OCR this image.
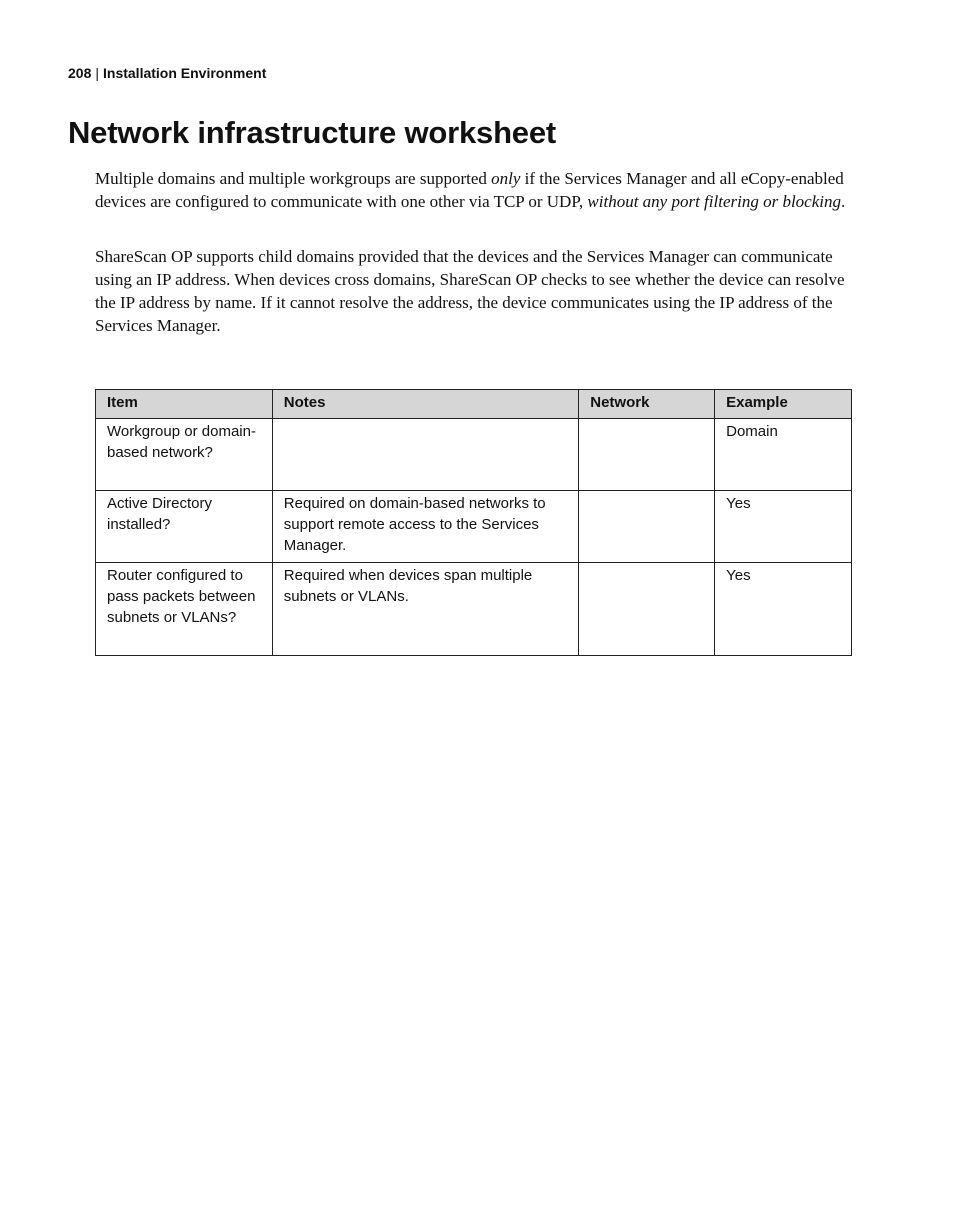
208 | Installation Environment
Network infrastructure worksheet

Multiple domains and multiple workgroups are supported only if the Services Manager and all eCopy-enabled devices are configured to communicate with one other via TCP or UDP, without any port filtering or blocking.

ShareScan OP supports child domains provided that the devices and the Services Manager can communicate using an IP address. When devices cross domains, ShareScan OP checks to see whether the device can resolve the IP address by name. If it cannot resolve the address, the device communicates using the IP address of the Services Manager.

Item	Notes	Network	Example
Workgroup or domain-based network?			Domain
Active Directory installed?	Required on domain-based networks to support remote access to the Services Manager.		Yes
Router configured to pass packets between subnets or VLANs?	Required when devices span multiple subnets or VLANs.		Yes
